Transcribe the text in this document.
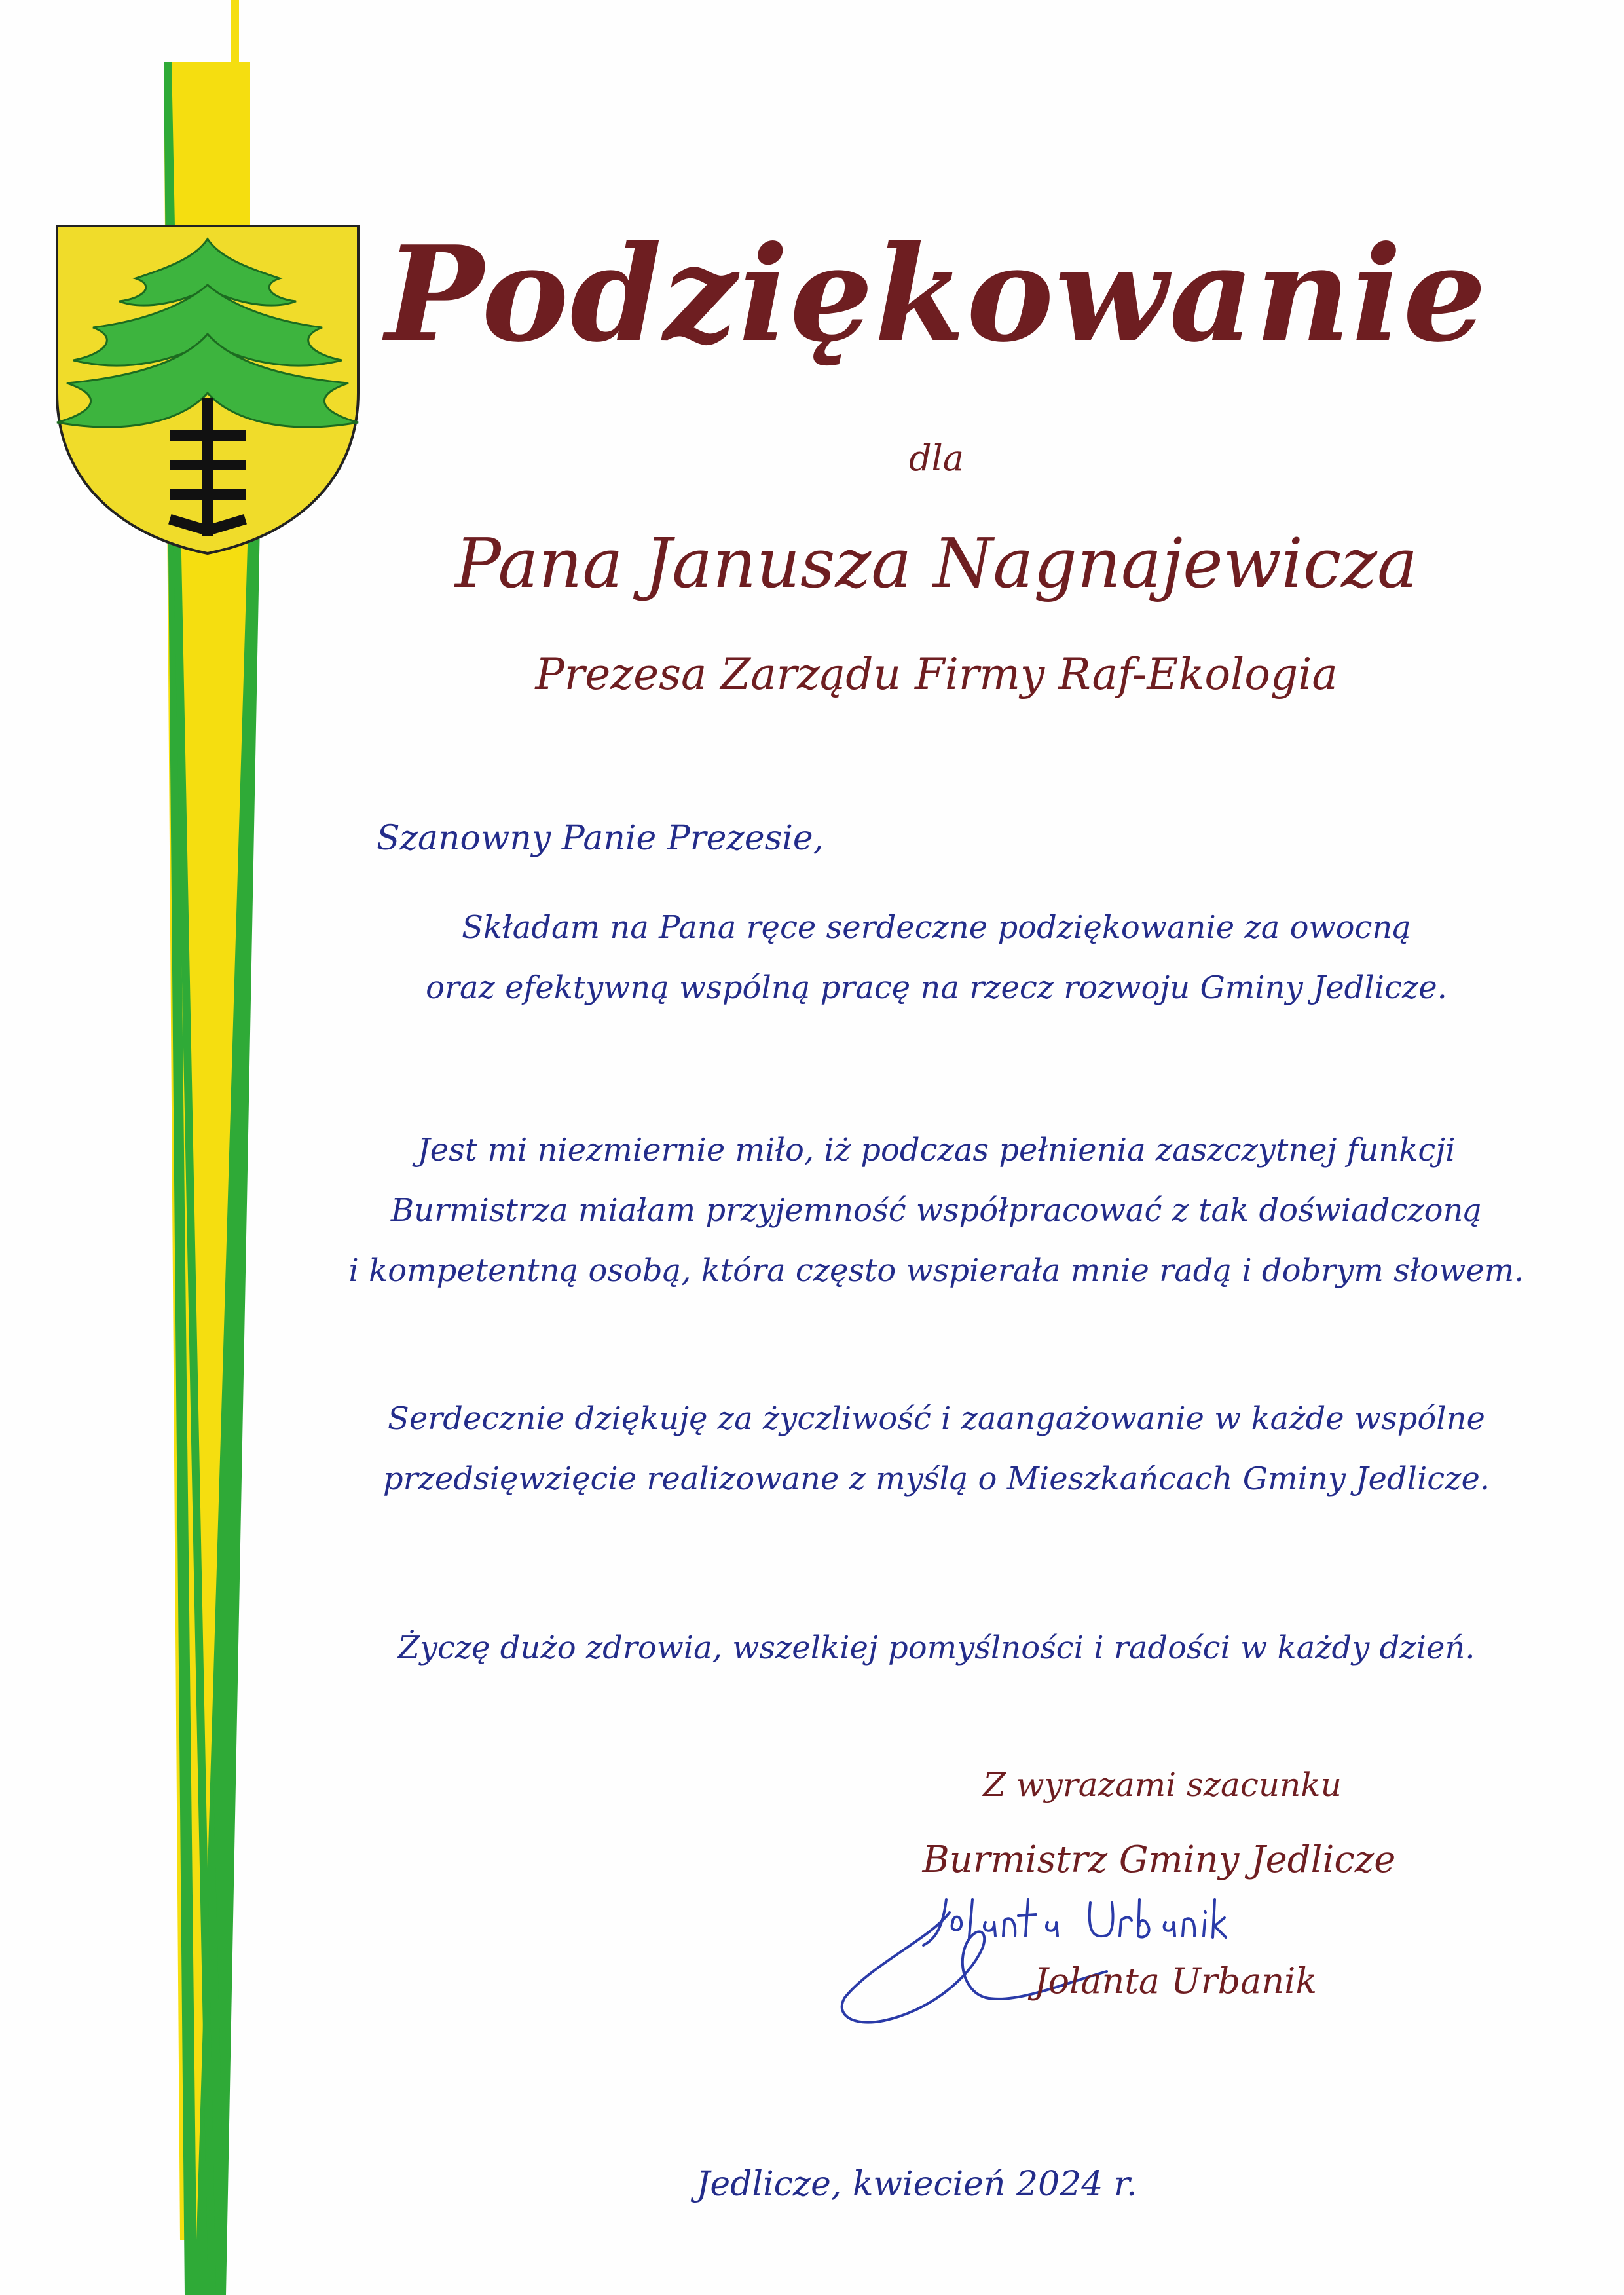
Podziękowanie

dla

Pana Janusza Nagnajewicza

Prezesa Zarządu Firmy Raf-Ekologia

Szanowny Panie Prezesie,

Składam na Pana ręce serdeczne podziękowanie za owocną
oraz efektywną wspólną pracę na rzecz rozwoju Gminy Jedlicze.
Jest mi niezmiernie miło, iż podczas pełnienia zaszczytnej funkcji
Burmistrza miałam przyjemność współpracować z tak doświadczoną
i kompetentną osobą, która często wspierała mnie radą i dobrym słowem.
Serdecznie dziękuję za życzliwość i zaangażowanie w każde wspólne
przedsięwzięcie realizowane z myślą o Mieszkańcach Gminy Jedlicze.
Życzę dużo zdrowia, wszelkiej pomyślności i radości w każdy dzień.

Z wyrazami szacunku

Burmistrz Gminy Jedlicze

Jolanta Urbanik

Jedlicze, kwiecień 2024 r.
